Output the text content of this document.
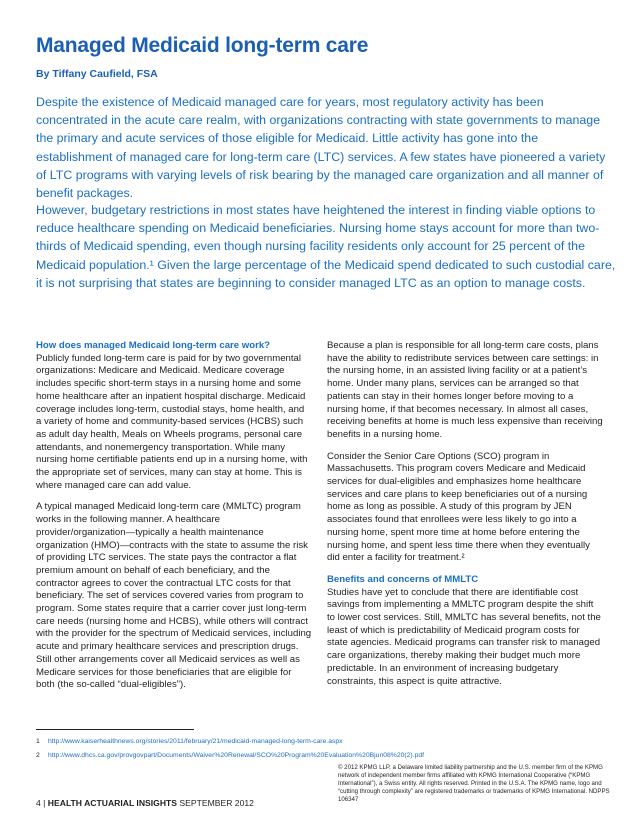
Managed Medicaid long-term care
By Tiffany Caufield, FSA

Despite the existence of Medicaid managed care for years, most regulatory activity has been concentrated in the acute care realm, with organizations contracting with state governments to manage the primary and acute services of those eligible for Medicaid. Little activity has gone into the establishment of managed care for long-term care (LTC) services. A few states have pioneered a variety of LTC programs with varying levels of risk bearing by the managed care organization and all manner of benefit packages.

However, budgetary restrictions in most states have heightened the interest in finding viable options to reduce healthcare spending on Medicaid beneficiaries. Nursing home stays account for more than two-thirds of Medicaid spending, even though nursing facility residents only account for 25 percent of the Medicaid population.¹ Given the large percentage of the Medicaid spend dedicated to such custodial care, it is not surprising that states are beginning to consider managed LTC as an option to manage costs.

How does managed Medicaid long-term care work?

Publicly funded long-term care is paid for by two governmental organizations: Medicare and Medicaid. Medicare coverage includes specific short-term stays in a nursing home and some home healthcare after an inpatient hospital discharge. Medicaid coverage includes long-term, custodial stays, home health, and a variety of home and community-based services (HCBS) such as adult day health, Meals on Wheels programs, personal care attendants, and nonemergency transportation. While many nursing home certifiable patients end up in a nursing home, with the appropriate set of services, many can stay at home. This is where managed care can add value.

A typical managed Medicaid long-term care (MMLTC) program works in the following manner. A healthcare provider/organization—typically a health maintenance organization (HMO)—contracts with the state to assume the risk of providing LTC services. The state pays the contractor a flat premium amount on behalf of each beneficiary, and the contractor agrees to cover the contractual LTC costs for that beneficiary. The set of services covered varies from program to program. Some states require that a carrier cover just long-term care needs (nursing home and HCBS), while others will contract with the provider for the spectrum of Medicaid services, including acute and primary healthcare services and prescription drugs. Still other arrangements cover all Medicaid services as well as Medicare services for those beneficiaries that are eligible for both (the so-called “dual-eligibles”).

Because a plan is responsible for all long-term care costs, plans have the ability to redistribute services between care settings: in the nursing home, in an assisted living facility or at a patient’s home. Under many plans, services can be arranged so that patients can stay in their homes longer before moving to a nursing home, if that becomes necessary. In almost all cases, receiving benefits at home is much less expensive than receiving benefits in a nursing home.

Consider the Senior Care Options (SCO) program in Massachusetts. This program covers Medicare and Medicaid services for dual-eligibles and emphasizes home healthcare services and care plans to keep beneficiaries out of a nursing home as long as possible. A study of this program by JEN associates found that enrollees were less likely to go into a nursing home, spent more time at home before entering the nursing home, and spent less time there when they eventually did enter a facility for treatment.²

Benefits and concerns of MMLTC

Studies have yet to conclude that there are identifiable cost savings from implementing a MMLTC program despite the shift to lower cost services. Still, MMLTC has several benefits, not the least of which is predictability of Medicaid program costs for state agencies. Medicaid programs can transfer risk to managed care organizations, thereby making their budget much more predictable. In an environment of increasing budgetary constraints, this aspect is quite attractive.

1 http://www.kaiserhealthnews.org/stories/2011/february/21/medicaid-managed-long-term-care.aspx
2 http://www.dhcs.ca.gov/provgovpart/Documents/Waiver%20Renewal/SCO%20Program%20Evaluation%20Bjun08%20(2).pdf
© 2012 KPMG LLP, a Delaware limited liability partnership and the U.S. member firm of the KPMG network of independent member firms affiliated with KPMG International Cooperative (“KPMG International”), a Swiss entity. All rights reserved. Printed in the U.S.A. The KPMG name, logo and “cutting through complexity” are registered trademarks or trademarks of KPMG International. NDPPS 106347
4 | HEALTH ACTUARIAL INSIGHTS SEPTEMBER 2012
